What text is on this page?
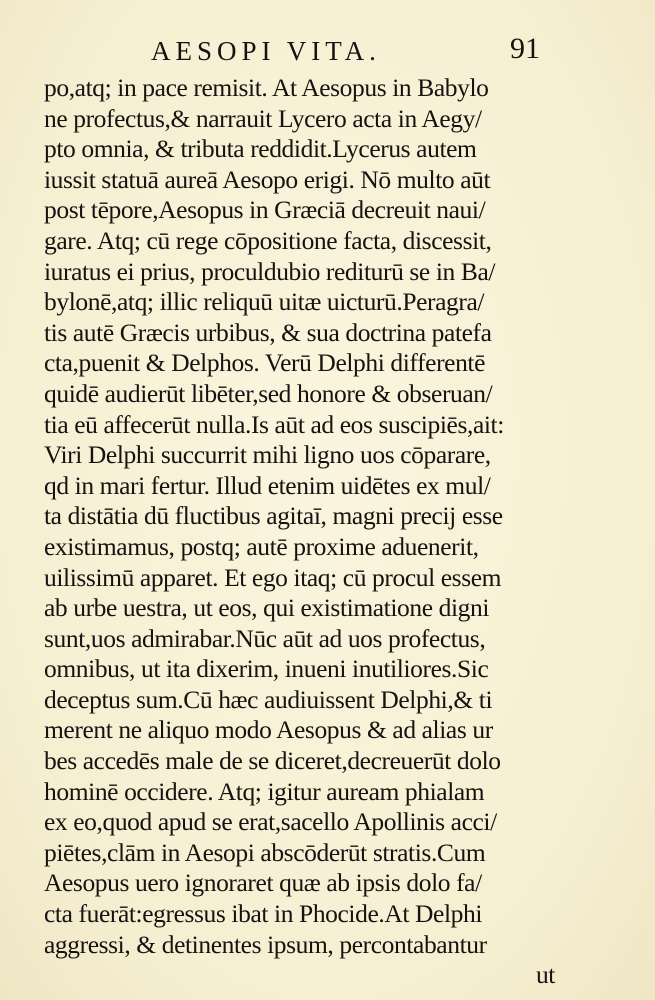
AESOPI VITA.	91
po,atq; in pace remisit. At Aesopus in Babylo
ne profectus,& narrauit Lycero acta in Aegy/
pto omnia, & tributa reddidit.Lycerus autem
iussit statuā aureā Aesopo erigi. Nō multo aūt
post tēpore,Aesopus in Græciā decreuit naui/
gare. Atq; cū rege cōpositione facta, discessit,
iuratus ei prius, proculdubio rediturū se in Ba/
bylonē,atq; illic reliquū uitæ uicturū.Peragra/
tis autē Græcis urbibus, & sua doctrina patefa
cta,puenit & Delphos. Verū Delphi differentē
quidē audierūt libēter,sed honore & obseruan/
tia eū affecerūt nulla.Is aūt ad eos suscipiēs,ait:
Viri Delphi succurrit mihi ligno uos cōparare,
qd in mari fertur. Illud etenim uidētes ex mul/
ta distātia dū fluctibus agitaī, magni precij esse
existimamus, postq; autē proxime aduenerit,
uilissimū apparet. Et ego itaq; cū procul essem
ab urbe uestra, ut eos, qui existimatione digni
sunt,uos admirabar.Nūc aūt ad uos profectus,
omnibus, ut ita dixerim, inueni inutiliores.Sic
deceptus sum.Cū hæc audiuissent Delphi,& ti
merent ne aliquo modo Aesopus & ad alias ur
bes accedēs male de se diceret,decreuerūt dolo
hominē occidere. Atq; igitur auream phialam
ex eo,quod apud se erat,sacello Apollinis acci/
piētes,clām in Aesopi abscōderūt stratis.Cum
Aesopus uero ignoraret quæ ab ipsis dolo fa/
cta fuerāt:egressus ibat in Phocide.At Delphi
aggressi, & detinentes ipsum, percontabantur
ut
